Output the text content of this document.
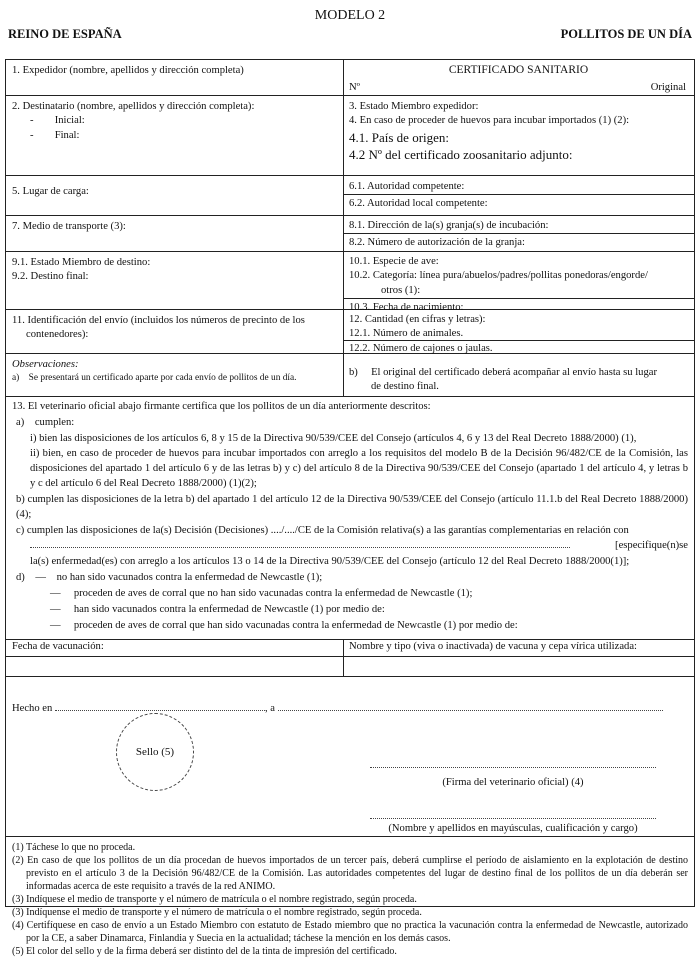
MODELO 2
REINO DE ESPAÑA	POLLITOS DE UN DÍA
1. Expedidor (nombre, apellidos y dirección completa)	CERTIFICADO SANITARIO
Nº	Original
2. Destinatario (nombre, apellidos y dirección completa):
-        Inicial:
-        Final:
3. Estado Miembro expedidor:
4. En caso de proceder de huevos para incubar importados (1) (2):
4.1. País de origen:
4.2 Nº del certificado zoosanitario adjunto:
5. Lugar de carga:	6.1. Autoridad competente:
6.2. Autoridad local competente:
7. Medio de transporte (3):	8.1. Dirección de la(s) granja(s) de incubación:
8.2. Número de autorización de la granja:
9.1. Estado Miembro de destino:
9.2. Destino final:
10.1. Especie de ave:
10.2. Categoría: línea pura/abuelos/padres/pollitas ponedoras/engorde/
otros (1):
10.3. Fecha de nacimiento:
11. Identificación del envío (incluidos los números de precinto de los
contenedores):
12. Cantidad (en cifras y letras):
12.1. Número de animales.
12.2. Número de cajones o jaulas.
Observaciones:
a)    Se presentará un certificado aparte por cada envío de pollitos de un día.
b)     El original del certificado deberá acompañar al envío hasta su lugar
de destino final.
13. El veterinario oficial abajo firmante certifica que los pollitos de un día anteriormente descritos:
a)    cumplen:
i) bien las disposiciones de los artículos 6, 8 y 15 de la Directiva 90/539/CEE del Consejo (artículos 4, 6 y 13 del Real Decreto 1888/2000) (1),
ii) bien, en caso de proceder de huevos para incubar importados con arreglo a los requisitos del modelo B de la Decisión 96/482/CE de la Comisión, las disposiciones del apartado 1 del artículo 6 y de las letras b) y c) del artículo 8 de la Directiva 90/539/CEE del Consejo (apartado 1 del artículo 4, y letras b y c del artículo 6 del Real Decreto 1888/2000) (1)(2);
b) cumplen las disposiciones de la letra b) del apartado 1 del artículo 12 de la Directiva 90/539/CEE del Consejo (artículo 11.1.b del Real Decreto 1888/2000) (4);
c) cumplen las disposiciones de la(s) Decisión (Decisiones) ..../..../CE de la Comisión relativa(s) a las garantías complementarias en relación con
[especifique(n)se
la(s) enfermedad(es) con arreglo a los artículos 13 o 14 de la Directiva 90/539/CEE del Consejo (artículo 12 del Real Decreto 1888/2000(1)];
d)    —    no han sido vacunados contra la enfermedad de Newcastle (1);
—     proceden de aves de corral que no han sido vacunadas contra la enfermedad de Newcastle (1);
—     han sido vacunados contra la enfermedad de Newcastle (1) por medio de:
—     proceden de aves de corral que han sido vacunadas contra la enfermedad de Newcastle (1) por medio de:
Fecha de vacunación:	Nombre y tipo (viva o inactivada) de vacuna y cepa vírica utilizada:
Hecho en	, a
Sello (5)
(Firma del veterinario oficial) (4)
(Nombre y apellidos en mayúsculas, cualificación y cargo)
(1) Táchese lo que no proceda.
(2) En caso de que los pollitos de un día procedan de huevos importados de un tercer país, deberá cumplirse el período de aislamiento en la explotación de destino previsto en el artículo 3 de la Decisión 96/482/CE de la Comisión. Las autoridades competentes del lugar de destino final de los pollitos de un día deberán ser informadas acerca de este requisito a través de la red ANIMO.
(3) Indíquese el medio de transporte y el número de matrícula o el nombre registrado, según proceda.
(3) Indíquense el medio de transporte y el número de matrícula o el nombre registrado, según proceda.
(4) Certifíquese en caso de envío a un Estado Miembro con estatuto de Estado miembro que no practica la vacunación contra la enfermedad de Newcastle, autorizado por la CE, a saber Dinamarca, Finlandia y Suecia en la actualidad; táchese la mención en los demás casos.
(5) El color del sello y de la firma deberá ser distinto del de la tinta de impresión del certificado.
